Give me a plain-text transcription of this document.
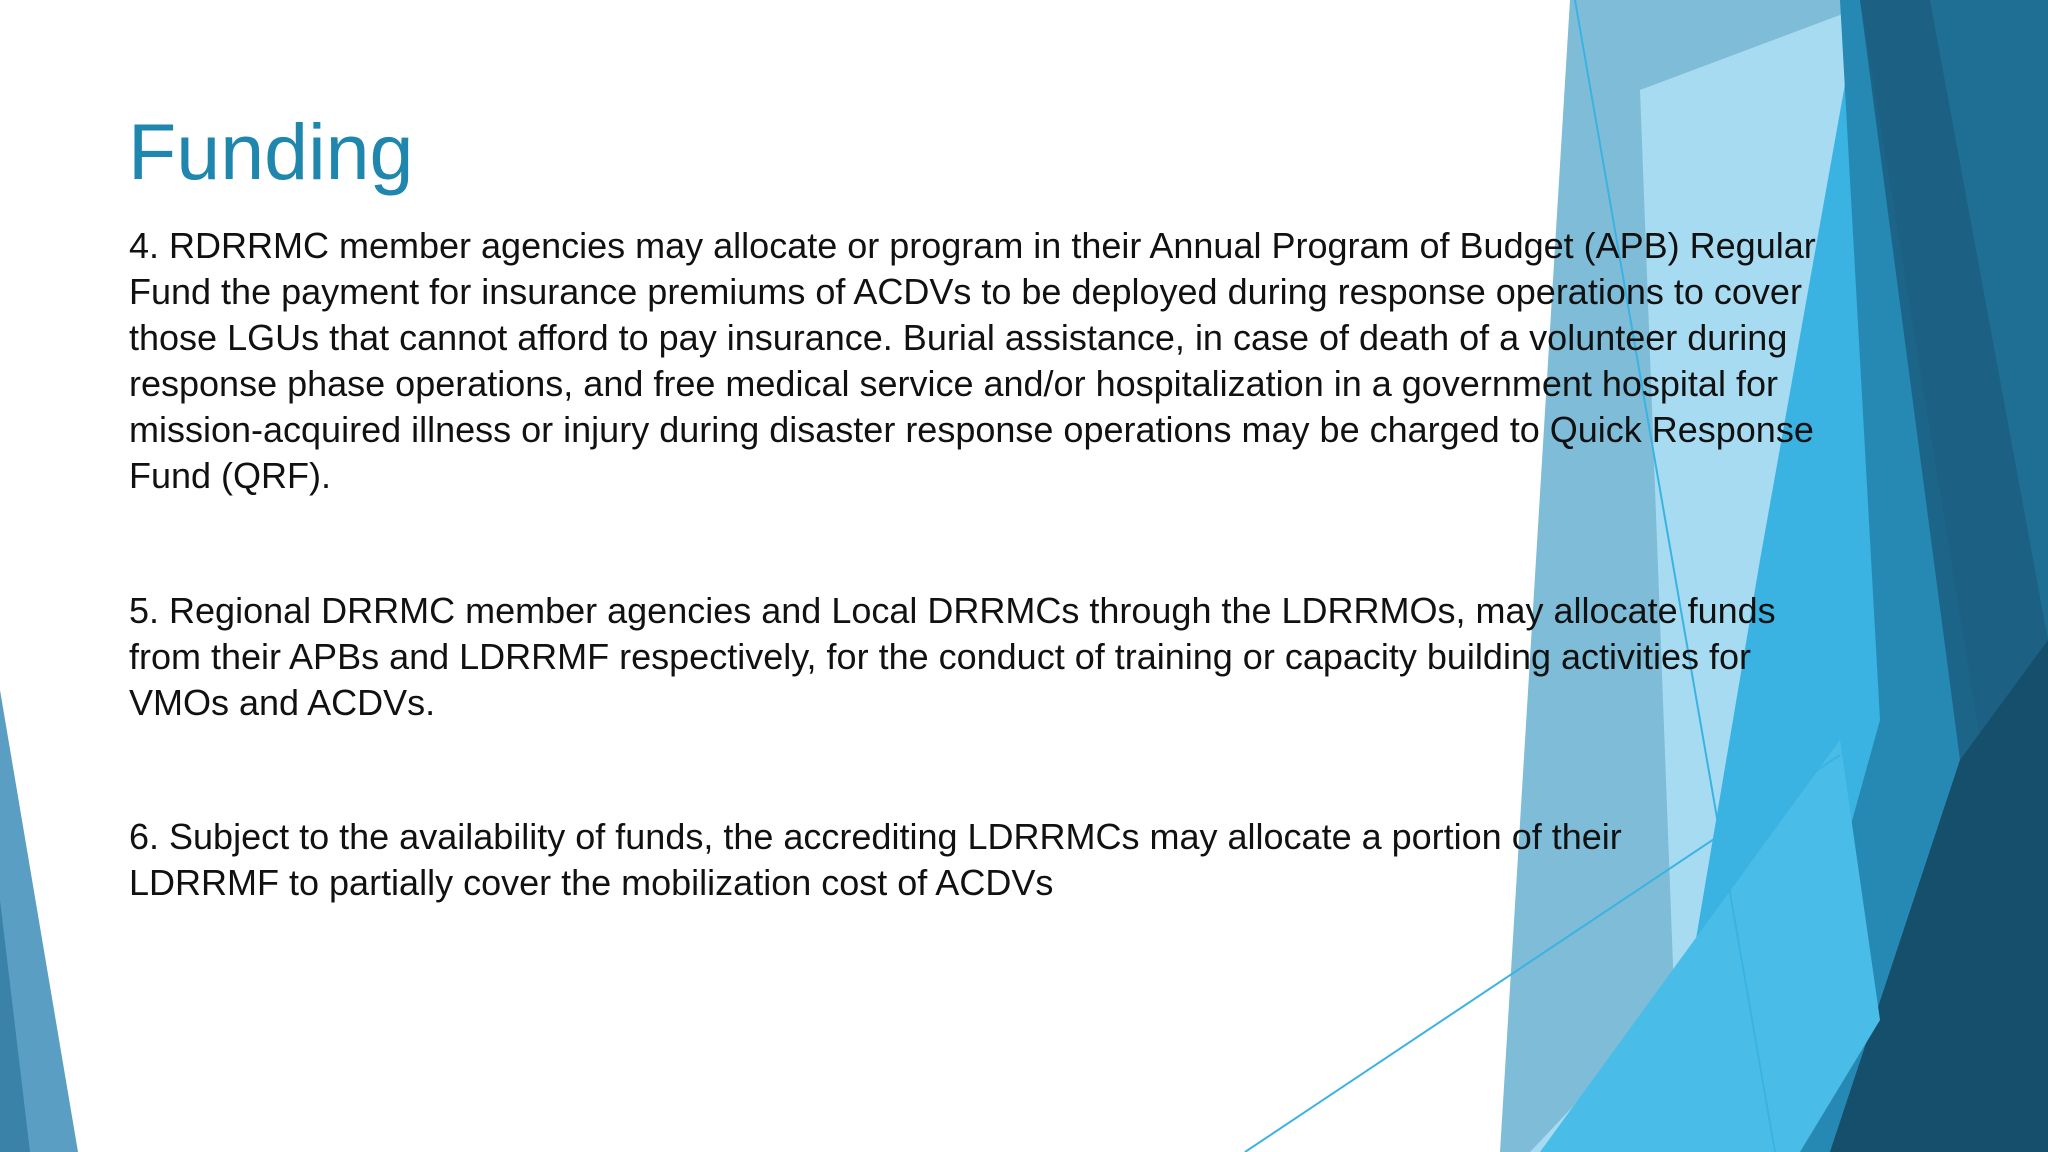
Funding

4. RDRRMC member agencies may allocate or program in their Annual Program of Budget (APB) Regular Fund the payment for insurance premiums of ACDVs to be deployed during response operations to cover those LGUs that cannot afford to pay insurance. Burial assistance, in case of death of a volunteer during response phase operations, and free medical service and/or hospitalization in a government hospital for mission-acquired illness or injury during disaster response operations may be charged to Quick Response Fund (QRF).

5. Regional DRRMC member agencies and Local DRRMCs through the LDRRMOs, may allocate funds from their APBs and LDRRMF respectively, for the conduct of training or capacity building activities for VMOs and ACDVs.

6. Subject to the availability of funds, the accrediting LDRRMCs may allocate a portion of their LDRRMF to partially cover the mobilization cost of ACDVs
